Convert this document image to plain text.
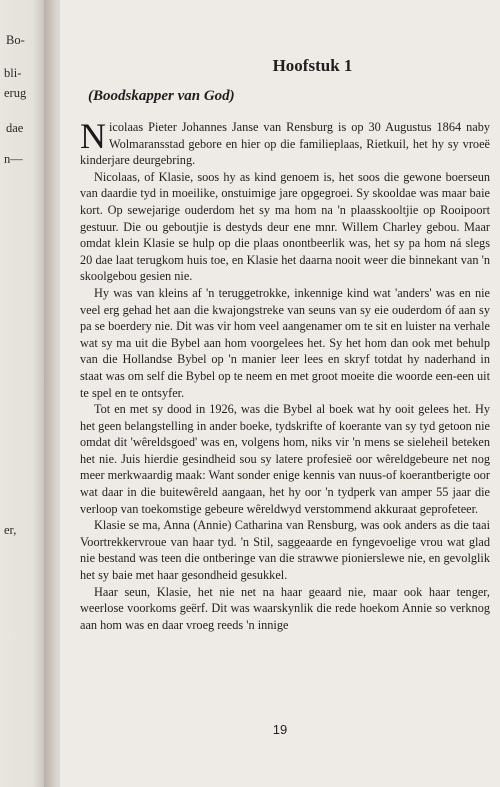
Bo-
bli-
erug
dae
n—
er,
Hoofstuk 1
(Boodskapper van God)

Nicolaas Pieter Johannes Janse van Rensburg is op 30 Augustus 1864 naby Wolmaransstad gebore en hier op die familieplaas, Rietkuil, het hy sy vroeë kinderjare deurgebring.

Nicolaas, of Klasie, soos hy as kind genoem is, het soos die gewone boerseun van daardie tyd in moeilike, onstuimige jare opgegroei. Sy skooldae was maar baie kort. Op sewejarige ouderdom het sy ma hom na 'n plaasskooltjie op Rooipoort gestuur. Die ou geboutjie is destyds deur ene mnr. Willem Charley gebou. Maar omdat klein Klasie se hulp op die plaas onontbeerlik was, het sy pa hom ná slegs 20 dae laat terugkom huis toe, en Klasie het daarna nooit weer die binnekant van 'n skoolgebou gesien nie.

Hy was van kleins af 'n teruggetrokke, inkennige kind wat 'anders' was en nie veel erg gehad het aan die kwajongstreke van seuns van sy eie ouderdom óf aan sy pa se boerdery nie. Dit was vir hom veel aangenamer om te sit en luister na verhale wat sy ma uit die Bybel aan hom voorgelees het. Sy het hom dan ook met behulp van die Hollandse Bybel op 'n manier leer lees en skryf totdat hy naderhand in staat was om self die Bybel op te neem en met groot moeite die woorde een-een uit te spel en te ontsyfer.

Tot en met sy dood in 1926, was die Bybel al boek wat hy ooit gelees het. Hy het geen belangstelling in ander boeke, tydskrifte of koerante van sy tyd getoon nie omdat dit 'wêreldsgoed' was en, volgens hom, niks vir 'n mens se sieleheil beteken het nie. Juis hierdie gesindheid sou sy latere profesieë oor wêreldgebeure net nog meer merkwaardig maak: Want sonder enige kennis van nuus-of koerantberigte oor wat daar in die buitewêreld aangaan, het hy oor 'n tydperk van amper 55 jaar die verloop van toekomstige gebeure wêreldwyd verstommend akkuraat geprofeteer.

Klasie se ma, Anna (Annie) Catharina van Rensburg, was ook anders as die taai Voortrekkervroue van haar tyd. 'n Stil, saggeaarde en fyngevoelige vrou wat glad nie bestand was teen die ontberinge van die strawwe pionierslewe nie, en gevolglik het sy baie met haar gesondheid gesukkel.

Haar seun, Klasie, het nie net na haar geaard nie, maar ook haar tenger, weerlose voorkoms geërf. Dit was waarskynlik die rede hoekom Annie so verknog aan hom was en daar vroeg reeds 'n innige

19
